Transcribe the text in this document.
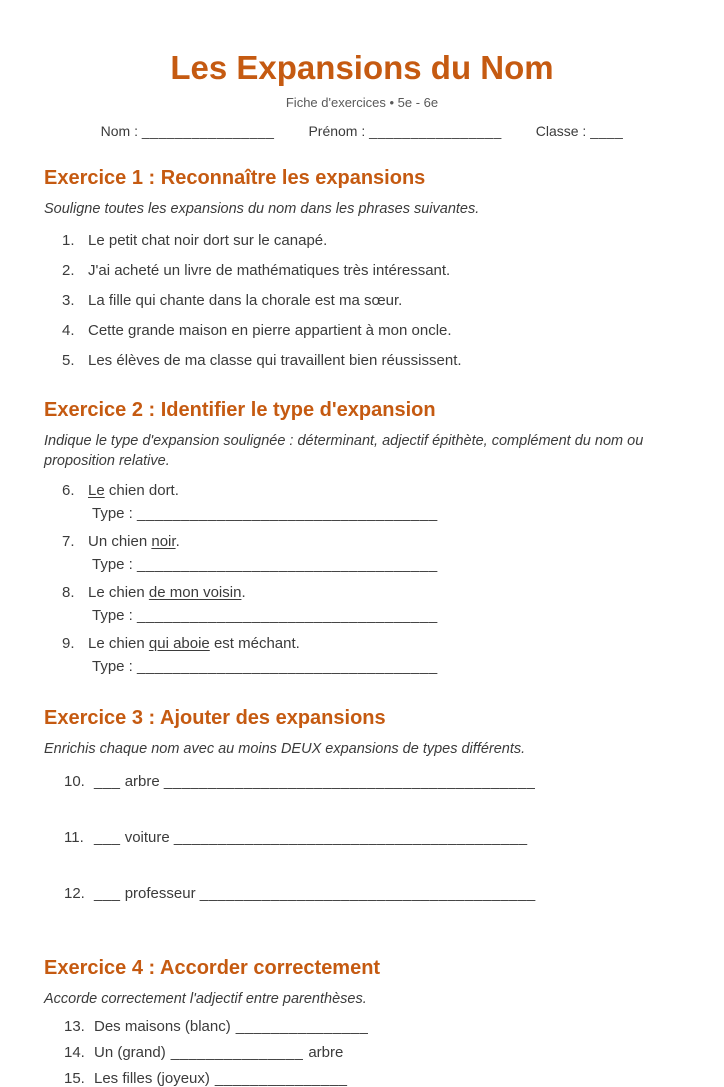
Les Expansions du Nom
Fiche d'exercices • 5e - 6e
Nom : ________________ Prénom : ________________ Classe : ____
Exercice 1 : Reconnaître les expansions

Souligne toutes les expansions du nom dans les phrases suivantes.

1. Le petit chat noir dort sur le canapé.
2. J'ai acheté un livre de mathématiques très intéressant.
3. La fille qui chante dans la chorale est ma sœur.
4. Cette grande maison en pierre appartient à mon oncle.
5. Les élèves de ma classe qui travaillent bien réussissent.
Exercice 2 : Identifier le type d'expansion

Indique le type d'expansion soulignée : déterminant, adjectif épithète, complément du nom ou proposition relative.

6. Le chien dort.
Type : __________________________________
7. Un chien noir.
Type : __________________________________
8. Le chien de mon voisin.
Type : __________________________________
9. Le chien qui aboie est méchant.
Type : __________________________________
Exercice 3 : Ajouter des expansions

Enrichis chaque nom avec au moins DEUX expansions de types différents.

10. ___ arbre __________________________________________
11. ___ voiture ________________________________________
12. ___ professeur ______________________________________
Exercice 4 : Accorder correctement

Accorde correctement l'adjectif entre parenthèses.

13. Des maisons (blanc) _______________
14. Un (grand) _______________ arbre
15. Les filles (joyeux) _______________
